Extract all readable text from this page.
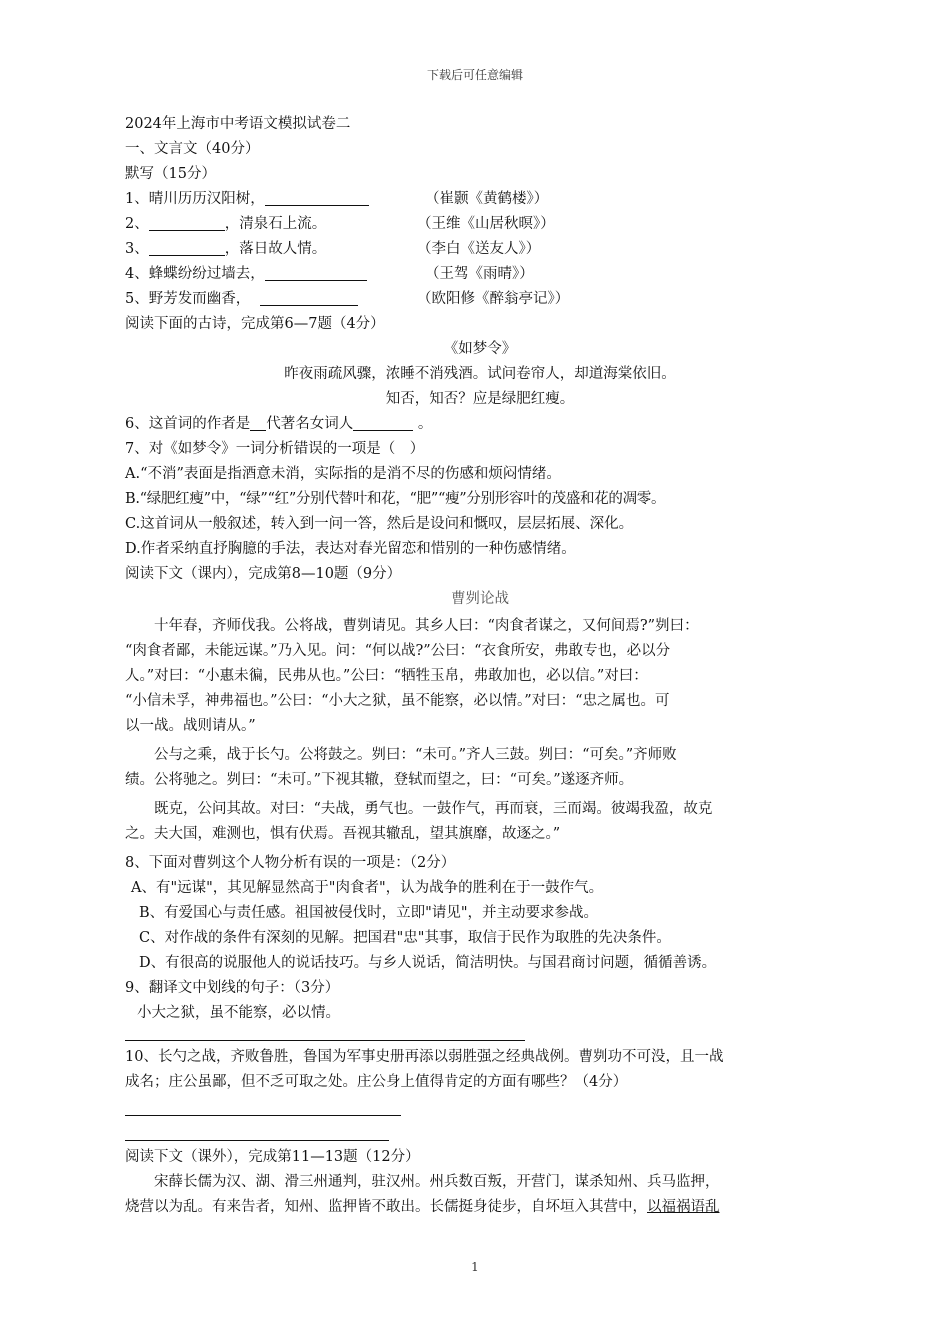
下载后可任意编辑
2024年上海市中考语文模拟试卷二
一、文言文（40分）
默写（15分）
1、晴川历历汉阳树，	（崔颢《黄鹤楼》）
2、	，清泉石上流。	（王维《山居秋暝》）
3、	，落日故人情。	（李白《送友人》）
4、蜂蝶纷纷过墙去，	（王驾《雨晴》）
5、野芳发而幽香，	（欧阳修《醉翁亭记》）
阅读下面的古诗，完成第6—7题（4分）
《如梦令》
昨夜雨疏风骤，浓睡不消残酒。试问卷帘人，却道海棠依旧。
知否，知否？应是绿肥红瘦。
6、这首词的作者是 代著名女词人	。
7、对《如梦令》一词分析错误的一项是（　）
A.“不消”表面是指酒意未消，实际指的是消不尽的伤感和烦闷情绪。
B.“绿肥红瘦”中，“绿”“红”分别代替叶和花，“肥”“瘦”分别形容叶的茂盛和花的凋零。
C.这首词从一般叙述，转入到一问一答，然后是设问和慨叹，层层拓展、深化。
D.作者采纳直抒胸臆的手法，表达对春光留恋和惜别的一种伤感情绪。
阅读下文（课内），完成第8—10题（9分）
曹刿论战
十年春，齐师伐我。公将战，曹刿请见。其乡人曰：“肉食者谋之，又何间焉?”刿曰：
“肉食者鄙，未能远谋。”乃入见。问：“何以战?”公曰：“衣食所安，弗敢专也，必以分
人。”对曰：“小惠未徧，民弗从也。”公曰：“牺牲玉帛，弗敢加也，必以信。”对曰：
“小信未孚，神弗福也。”公曰：“小大之狱，虽不能察，必以情。”对曰：“忠之属也。可
以一战。战则请从。”
公与之乘，战于长勺。公将鼓之。刿曰：“未可。”齐人三鼓。刿曰：“可矣。”齐师败
绩。公将驰之。刿曰：“未可。”下视其辙，登轼而望之，曰：“可矣。”遂逐齐师。
既克，公问其故。对曰：“夫战，勇气也。一鼓作气，再而衰，三而竭。彼竭我盈，故克
之。夫大国，难测也，惧有伏焉。吾视其辙乱，望其旗靡，故逐之。”
8、下面对曹刿这个人物分析有误的一项是：（2分）
A、有"远谋"，其见解显然高于"肉食者"，认为战争的胜利在于一鼓作气。
B、有爱国心与责任感。祖国被侵伐时，立即"请见"，并主动要求参战。
C、对作战的条件有深刻的见解。把国君"忠"其事，取信于民作为取胜的先决条件。
D、有很高的说服他人的说话技巧。与乡人说话，简洁明快。与国君商讨问题，循循善诱。
9、翻译文中划线的句子：（3分）
小大之狱，虽不能察，必以情。
10、长勺之战，齐败鲁胜，鲁国为军事史册再添以弱胜强之经典战例。曹刿功不可没，且一战
成名；庄公虽鄙，但不乏可取之处。庄公身上值得肯定的方面有哪些？（4分）
阅读下文（课外），完成第11—13题（12分）
宋薛长儒为汉、湖、滑三州通判，驻汉州。州兵数百叛，开营门，谋杀知州、兵马监押，
烧营以为乱。有来告者，知州、监押皆不敢出。长儒挺身徒步，自坏垣入其营中，以福祸语乱
1
